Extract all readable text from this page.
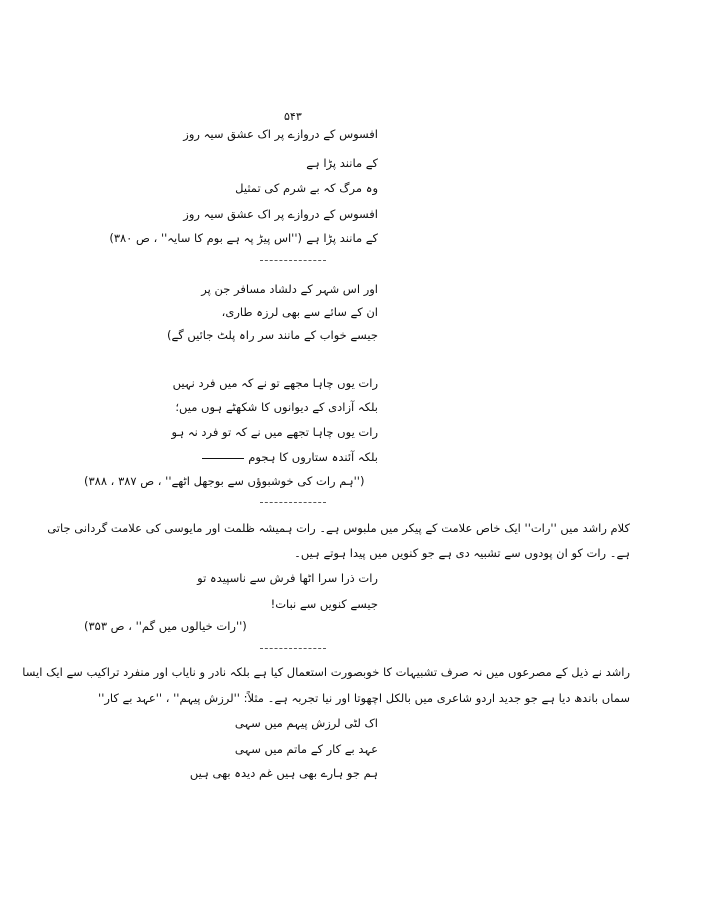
۵۴۳
افسوس کے دروازے پر اک عشق سیہ روز
کے مانند پڑا ہے
وہ مرگ کہ بے شرم کی تمثیل
افسوس کے دروازے پر اک عشق سیہ روز
کے مانند پڑا ہے
(''اس پیڑ پہ ہے بوم کا سایہ'' ، ص ۳۸۰)
اور اس شہر کے دلشاد مسافر جن پر
ان کے سائے سے بھی لرزہ طاری،
جیسے خواب کے مانند سر راہ پلٹ جائیں گے)
رات یوں چاہا مجھے تو نے کہ میں فرد نہیں
بلکہ آزادی کے دیوانوں کا شکھٹے ہوں میں؛
رات یوں چاہا تجھے میں نے کہ تو فرد نہ ہو
بلکہ آئندہ ستاروں کا ہجوم
(''ہم رات کی خوشبوؤں سے بوجھل اٹھے'' ، ص ۳۸۷ ، ۳۸۸)
کلام راشد میں ''رات'' ایک خاص علامت کے پیکر میں ملبوس ہے۔ رات ہمیشہ ظلمت اور مایوسی کی علامت گردانی جاتی
ہے۔ رات کو ان پودوں سے تشبیہ دی ہے جو کنویں میں پیدا ہوتے ہیں۔
رات ذرا سرا اٹھا فرش سے ناسپیدہ تو
جیسے کنویں سے نبات!
(''رات خیالوں میں گم'' ، ص ۳۵۳)
راشد نے ذیل کے مصرعوں میں نہ صرف تشبیہات کا خوبصورت استعمال کیا ہے بلکہ نادر و نایاب اور منفرد تراکیب سے ایک ایسا
سماں باندھ دیا ہے جو جدید اردو شاعری میں بالکل اچھوتا اور نیا تجربہ ہے۔ مثلاً: ''لرزش پیہم'' ، ''عہد بے کار''
اک لٹی لرزش پیہم میں سہی
عہد بے کار کے ماتم میں سہی
ہم جو ہارے بھی ہیں غم دیدہ بھی ہیں
